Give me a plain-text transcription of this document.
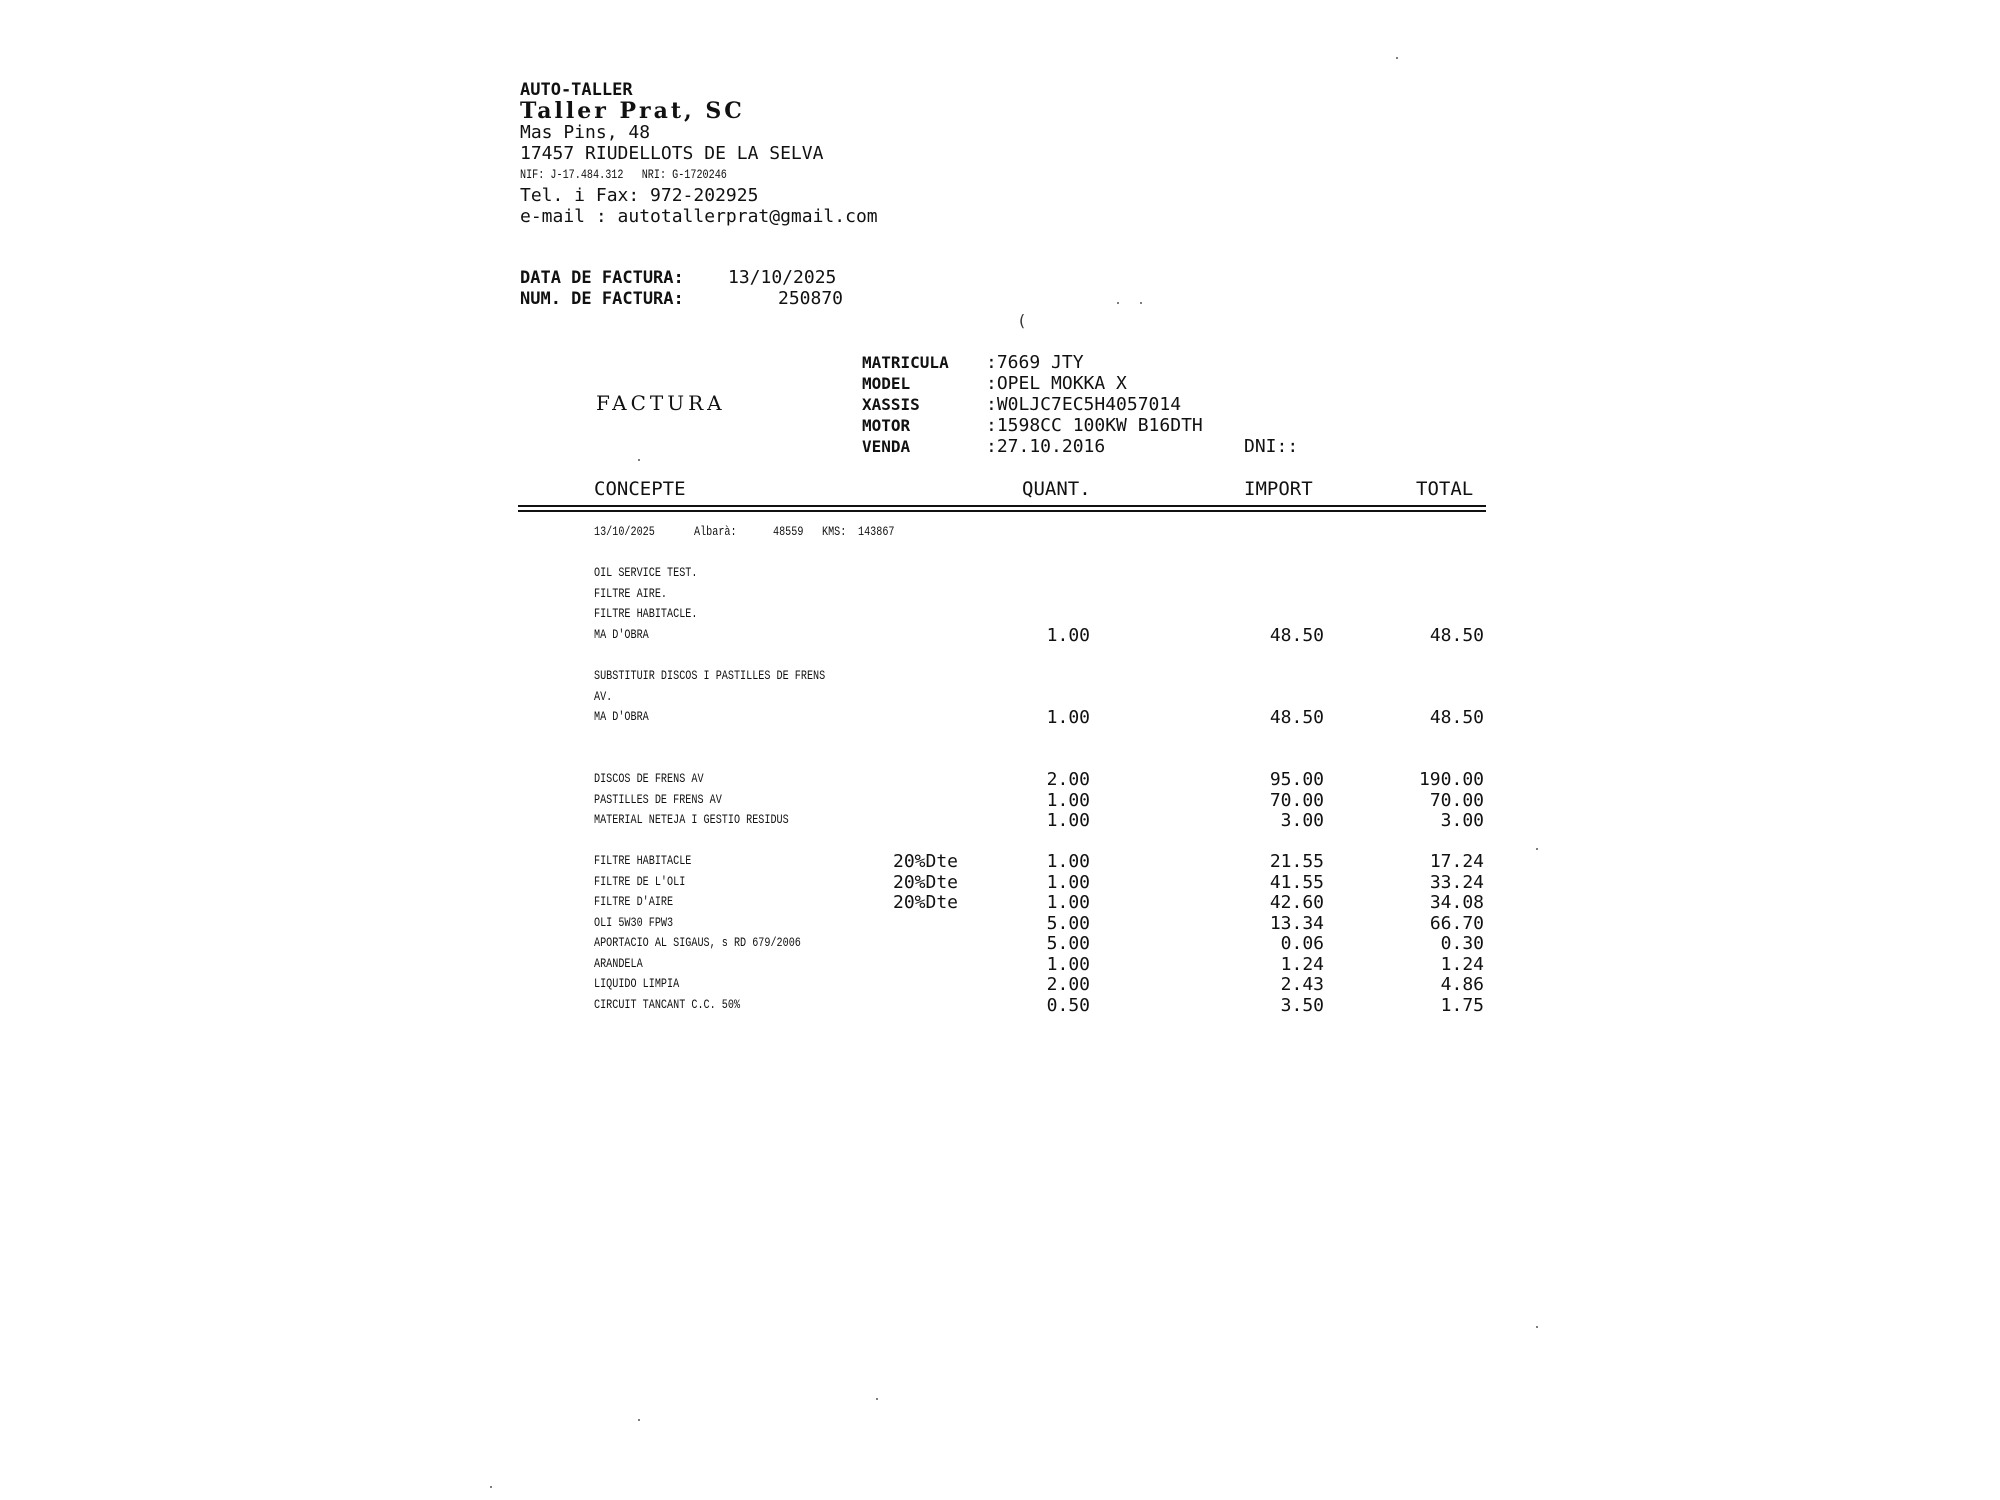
AUTO-TALLER
Taller Prat, SC
Mas Pins, 48
17457 RIUDELLOTS DE LA SELVA
NIF: J-17.484.312   NRI: G-1720246
Tel. i Fax: 972-202925
e-mail : autotallerprat@gmail.com
DATA DE FACTURA: 13/10/2025
NUM. DE FACTURA:	250870
FACTURA
MATRICULA :7669 JTY
MODEL	:OPEL MOKKA X
XASSIS	:W0LJC7EC5H4057014
MOTOR	:1598CC 100KW B16DTH
VENDA	:27.10.2016	DNI::
CONCEPTE	QUANT.	IMPORT	TOTAL
13/10/2025	Albarà:	48559 KMS: 143867
OIL SERVICE TEST.
FILTRE AIRE.
FILTRE HABITACLE.
MA D'OBRA	1.00	48.50	48.50
SUBSTITUIR DISCOS I PASTILLES DE FRENS
AV.
MA D'OBRA	1.00	48.50	48.50
DISCOS DE FRENS AV	2.00	95.00	190.00
PASTILLES DE FRENS AV	1.00	70.00	70.00
MATERIAL NETEJA I GESTIO RESIDUS	1.00	3.00	3.00
FILTRE HABITACLE	20%Dte	1.00	21.55	17.24
FILTRE DE L'OLI	20%Dte	1.00	41.55	33.24
FILTRE D'AIRE	20%Dte	1.00	42.60	34.08
OLI 5W30 FPW3	5.00	13.34	66.70
APORTACIO AL SIGAUS, s RD 679/2006	5.00	0.06	0.30
ARANDELA	1.00	1.24	1.24
LIQUIDO LIMPIA	2.00	2.43	4.86
CIRCUIT TANCANT C.C. 50%	0.50	3.50	1.75
(
